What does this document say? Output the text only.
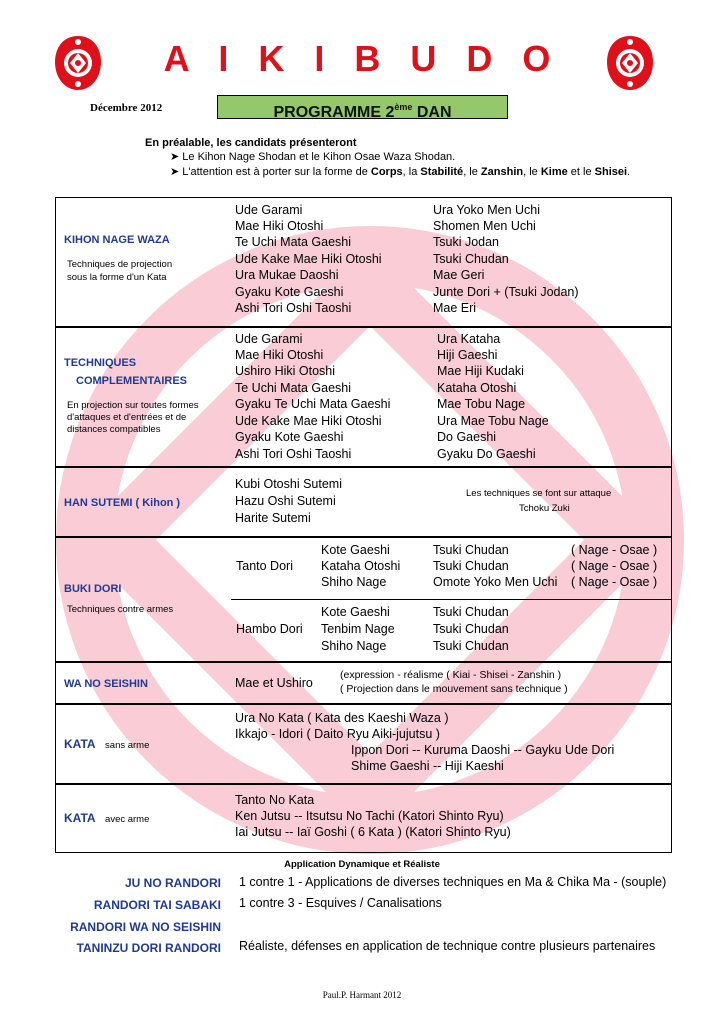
A I K I B U D O
Décembre 2012	PROGRAMME 2ème DAN
En préalable, les candidats présenteront
➤ Le Kihon Nage Shodan et le Kihon Osae Waza Shodan.
➤ L'attention est à porter sur la forme de Corps, la Stabilité, le Zanshin, le Kime et le Shisei.
KIHON NAGE WAZA
Techniques de projection
sous la forme d'un Kata
Ude Garami
Mae Hiki Otoshi
Te Uchi Mata Gaeshi
Ude Kake Mae Hiki Otoshi
Ura Mukae Daoshi
Gyaku Kote Gaeshi
Ashi Tori Oshi Taoshi
Ura Yoko Men Uchi
Shomen Men Uchi
Tsuki Jodan
Tsuki Chudan
Mae Geri
Junte Dori + (Tsuki Jodan)
Mae Eri
TECHNIQUES
COMPLEMENTAIRES
En projection sur toutes formes
d'attaques et d'entrées et de
distances compatibles
Ude Garami
Mae Hiki Otoshi
Ushiro Hiki Otoshi
Te Uchi Mata Gaeshi
Gyaku Te Uchi Mata Gaeshi
Ude Kake Mae Hiki Otoshi
Gyaku Kote Gaeshi
Ashi Tori Oshi Taoshi
Ura Kataha
Hiji Gaeshi
Mae Hiji Kudaki
Kataha Otoshi
Mae Tobu Nage
Ura Mae Tobu Nage
Do Gaeshi
Gyaku Do Gaeshi
HAN SUTEMI ( Kihon )
Kubi Otoshi Sutemi
Hazu Oshi Sutemi
Harite Sutemi
Les techniques se font sur attaque
Tchoku Zuki
BUKI DORI
Techniques contre armes
Tanto Dori
Kote Gaeshi
Kataha Otoshi
Shiho Nage
Tsuki Chudan
Tsuki Chudan
Omote Yoko Men Uchi
( Nage - Osae )
( Nage - Osae )
( Nage - Osae )
Hambo Dori
Kote Gaeshi
Tenbim Nage
Shiho Nage
Tsuki Chudan
Tsuki Chudan
Tsuki Chudan
WA NO SEISHIN	Mae et Ushiro
(expression - réalisme ( Kiai - Shisei - Zanshin )
( Projection dans le mouvement sans technique )
KATA sans arme
Ura No Kata ( Kata des Kaeshi Waza )
Ikkajo - Idori ( Daito Ryu Aiki-jujutsu )
Ippon Dori -- Kuruma Daoshi -- Gayku Ude Dori
Shime Gaeshi -- Hiji Kaeshi
KATA avec arme
Tanto No Kata
Ken Jutsu -- Itsutsu No Tachi (Katori Shinto Ryu)
Iai Jutsu -- Iaï Goshi ( 6 Kata ) (Katori Shinto Ryu)
Application Dynamique et Réaliste
JU NO RANDORI 1 contre 1 - Applications de diverses techniques en Ma & Chika Ma - (souple)
RANDORI TAI SABAKI 1 contre 3 - Esquives / Canalisations
RANDORI WA NO SEISHIN
TANINZU DORI RANDORI Réaliste, défenses en application de technique contre plusieurs partenaires
Paul.P. Harmant 2012
